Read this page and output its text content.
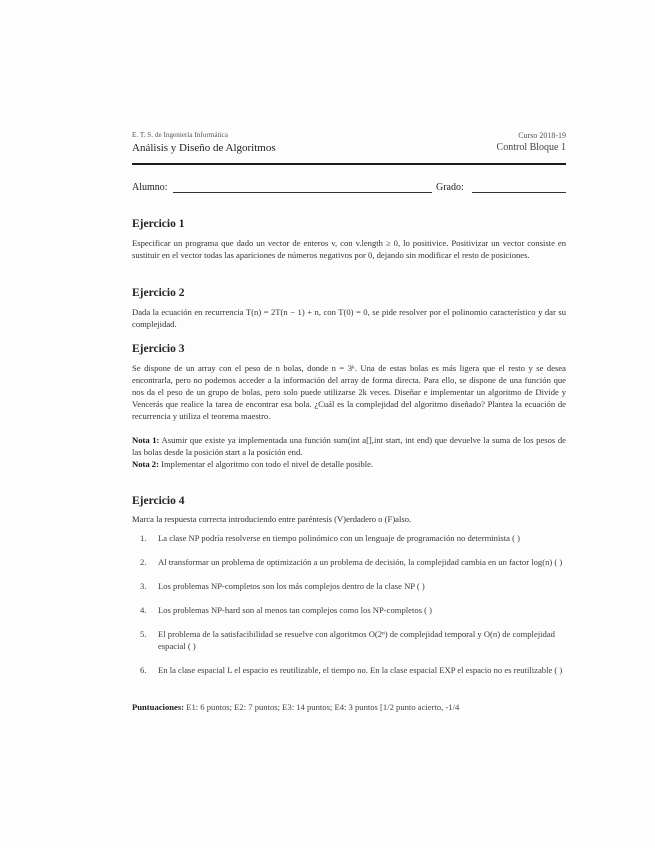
E. T. S. de Ingeniería Informática

Análisis y Diseño de Algoritmos

Curso 2018-19

Control Bloque 1

Alumno:	Grado:
Ejercicio 1

Especificar un programa que dado un vector de enteros v, con v.length ≥ 0, lo positivice. Positivizar un vector consiste en sustituir en el vector todas las apariciones de números negativos por 0, dejando sin modificar el resto de posiciones.

Ejercicio 2

Dada la ecuación en recurrencia T(n) = 2T(n − 1) + n, con T(0) = 0, se pide resolver por el polinomio característico y dar su complejidad.

Ejercicio 3

Se dispone de un array con el peso de n bolas, donde n = 3ᵏ. Una de estas bolas es más ligera que el resto y se desea encontrarla, pero no podemos acceder a la información del array de forma directa. Para ello, se dispone de una función que nos da el peso de un grupo de bolas, pero solo puede utilizarse 2k veces. Diseñar e implementar un algoritmo de Divide y Vencerás que realice la tarea de encontrar esa bola. ¿Cuál es la complejidad del algoritmo diseñado? Plantea la ecuación de recurrencia y utiliza el teorema maestro.

Nota 1: Asumir que existe ya implementada una función sum(int a[],int start, int end) que devuelve la suma de los pesos de las bolas desde la posición start a la posición end.

Nota 2: Implementar el algoritmo con todo el nivel de detalle posible.

Ejercicio 4

Marca la respuesta correcta introduciendo entre paréntesis (V)erdadero o (F)also.

1. La clase NP podría resolverse en tiempo polinómico con un lenguaje de programación no determinista ( )
2. Al transformar un problema de optimización a un problema de decisión, la complejidad cambia en un factor log(n) ( )
3. Los problemas NP-completos son los más complejos dentro de la clase NP ( )
4. Los problemas NP-hard son al menos tan complejos como los NP-completos ( )
5. El problema de la satisfacibilidad se resuelve con algoritmos O(2ⁿ) de complejidad temporal y O(n) de complejidad espacial ( )
6. En la clase espacial L el espacio es reutilizable, el tiempo no. En la clase espacial EXP el espacio no es reutilizable ( )

Puntuaciones: E1: 6 puntos; E2: 7 puntos; E3: 14 puntos; E4: 3 puntos [1/2 punto acierto, -1/4
